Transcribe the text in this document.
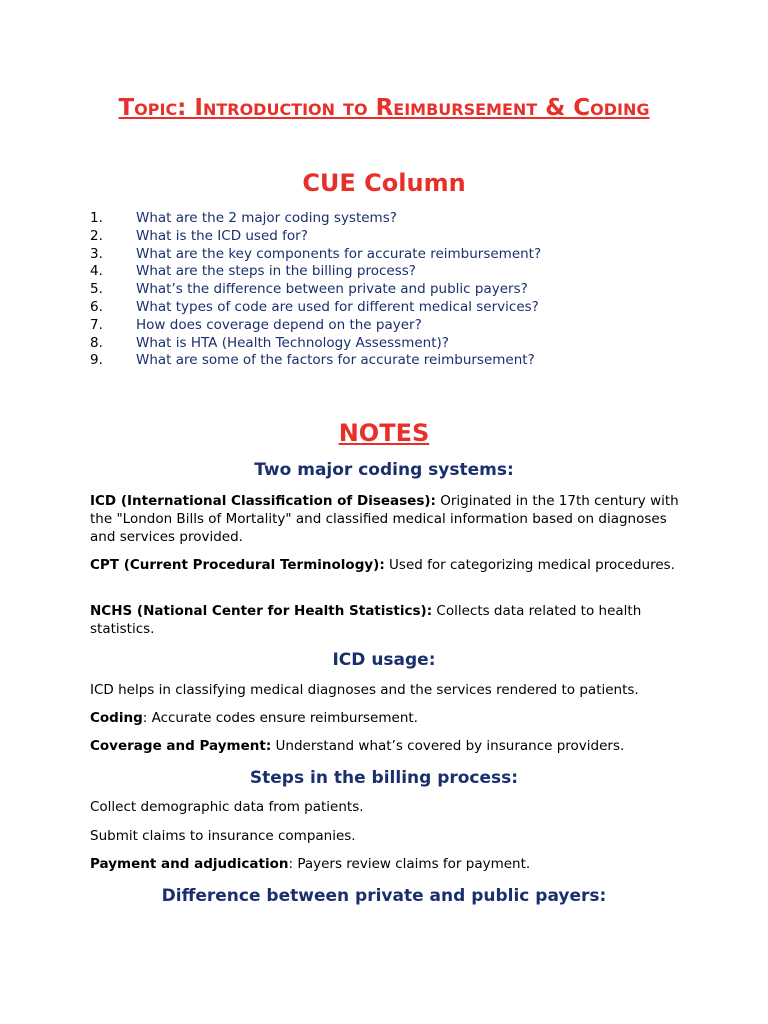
Topic: Introduction to Reimbursement & Coding
CUE Column
1.	What are the 2 major coding systems?
2.	What is the ICD used for?
3.	What are the key components for accurate reimbursement?
4.	What are the steps in the billing process?
5.	What’s the difference between private and public payers?
6.	What types of code are used for different medical services?
7.	How does coverage depend on the payer?
8.	What is HTA (Health Technology Assessment)?
9.	What are some of the factors for accurate reimbursement?
NOTES
Two major coding systems:

ICD (International Classification of Diseases): Originated in the 17th century with the "London Bills of Mortality" and classified medical information based on diagnoses and services provided.

CPT (Current Procedural Terminology): Used for categorizing medical procedures.

NCHS (National Center for Health Statistics): Collects data related to health statistics.

ICD usage:

ICD helps in classifying medical diagnoses and the services rendered to patients.

Coding: Accurate codes ensure reimbursement.

Coverage and Payment: Understand what’s covered by insurance providers.

Steps in the billing process:

Collect demographic data from patients.

Submit claims to insurance companies.

Payment and adjudication: Payers review claims for payment.

Difference between private and public payers:
